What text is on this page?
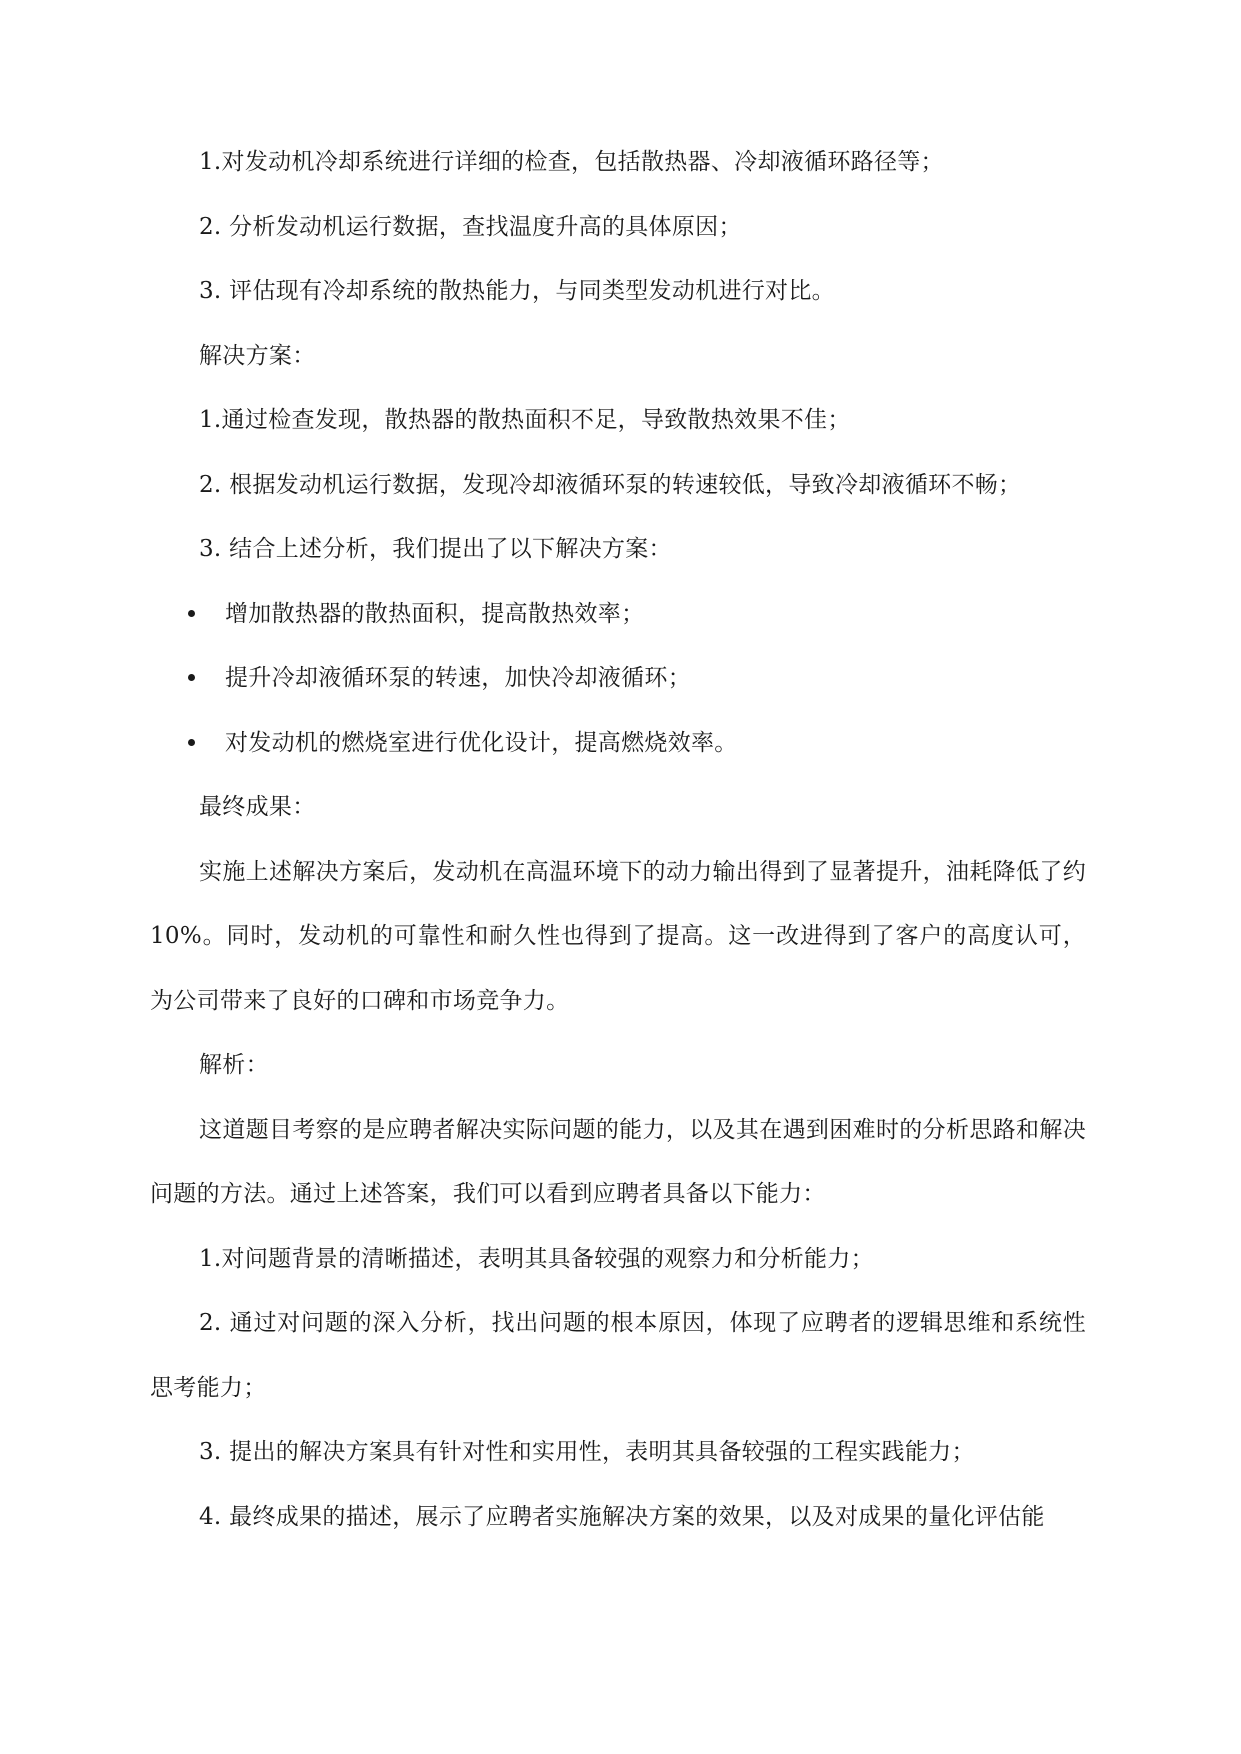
1.对发动机冷却系统进行详细的检查，包括散热器、冷却液循环路径等；

2. 分析发动机运行数据，查找温度升高的具体原因；

3. 评估现有冷却系统的散热能力，与同类型发动机进行对比。

解决方案：

1.通过检查发现，散热器的散热面积不足，导致散热效果不佳；

2. 根据发动机运行数据，发现冷却液循环泵的转速较低，导致冷却液循环不畅；

3. 结合上述分析，我们提出了以下解决方案：

增加散热器的散热面积，提高散热效率；
提升冷却液循环泵的转速，加快冷却液循环；
对发动机的燃烧室进行优化设计，提高燃烧效率。

最终成果：

实施上述解决方案后，发动机在高温环境下的动力输出得到了显著提升，油耗降低了约 10%。同时，发动机的可靠性和耐久性也得到了提高。这一改进得到了客户的高度认可，为公司带来了良好的口碑和市场竞争力。

解析：

这道题目考察的是应聘者解决实际问题的能力，以及其在遇到困难时的分析思路和解决问题的方法。通过上述答案，我们可以看到应聘者具备以下能力：

1.对问题背景的清晰描述，表明其具备较强的观察力和分析能力；

2. 通过对问题的深入分析，找出问题的根本原因，体现了应聘者的逻辑思维和系统性思考能力；

3. 提出的解决方案具有针对性和实用性，表明其具备较强的工程实践能力；

4. 最终成果的描述，展示了应聘者实施解决方案的效果，以及对成果的量化评估能
